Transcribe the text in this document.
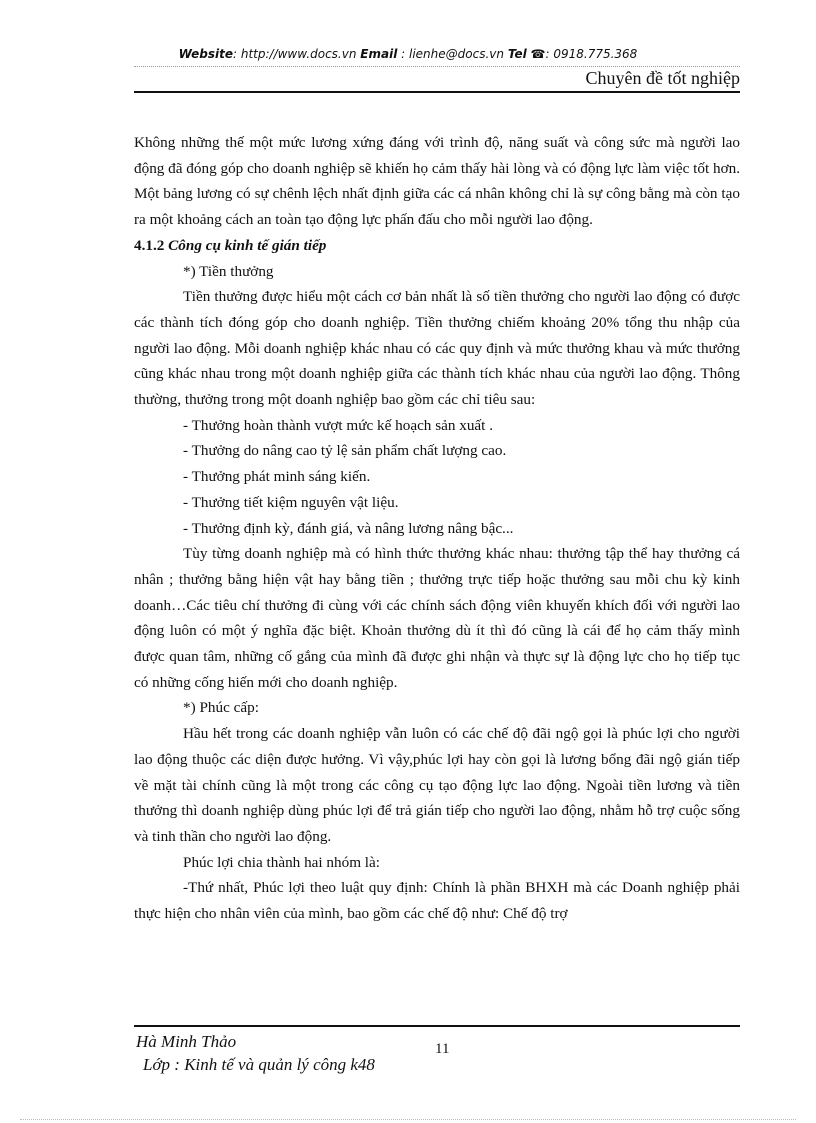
Website: http://www.docs.vn Email : lienhe@docs.vn Tel ☎: 0918.775.368
Chuyên đề tốt nghiệp

Không những thế một mức lương xứng đáng với trình độ, năng suất và công sức mà người lao động đã đóng góp cho doanh nghiệp sẽ khiến họ cảm thấy hài lòng và có động lực làm việc tốt hơn. Một bảng lương có sự chênh lệch nhất định giữa các cá nhân không chỉ là sự công bằng mà còn tạo ra một khoảng cách an toàn tạo động lực phấn đấu cho mỗi người lao động.

4.1.2 Công cụ kinh tế gián tiếp

*) Tiền thưởng

Tiền thưởng được hiểu một cách cơ bản nhất là số tiền thưởng cho người lao động có được các thành tích đóng góp cho doanh nghiệp. Tiền thưởng chiếm khoảng 20% tổng thu nhập của người lao động. Mỗi doanh nghiệp khác nhau có các quy định và mức thưởng khau và mức thưởng cũng khác nhau trong một doanh nghiệp giữa các thành tích khác nhau của người lao động. Thông thường, thưởng trong một doanh nghiệp bao gồm các chỉ tiêu sau:

- Thưởng hoàn thành vượt mức kế hoạch sản xuất .

- Thưởng do nâng cao tỷ lệ sản phẩm chất lượng cao.

- Thưởng phát minh sáng kiến.

- Thưởng tiết kiệm nguyên vật liệu.

- Thưởng định kỳ, đánh giá, và nâng lương nâng bậc...

Tùy từng doanh nghiệp mà có hình thức thưởng khác nhau: thưởng tập thể hay thưởng cá nhân ; thưởng bằng hiện vật hay bằng tiền ; thưởng trực tiếp hoặc thưởng sau mỗi chu kỳ kinh doanh…Các tiêu chí thưởng đi cùng với các chính sách động viên khuyến khích đối với người lao động luôn có một ý nghĩa đặc biệt. Khoản thưởng dù ít thì đó cũng là cái để họ cảm thấy mình được quan tâm, những cố gắng của mình đã được ghi nhận và thực sự là động lực cho họ tiếp tục có những cống hiến mới cho doanh nghiệp.

*) Phúc cấp:

Hầu hết trong các doanh nghiệp vẫn luôn có các chế độ đãi ngộ gọi là phúc lợi cho người lao động thuộc các diện được hưởng. Vì vậy,phúc lợi hay còn gọi là lương bổng đãi ngộ gián tiếp về mặt tài chính cũng là một trong các công cụ tạo động lực lao động. Ngoài tiền lương và tiền thưởng thì doanh nghiệp dùng phúc lợi để trả gián tiếp cho người lao động, nhằm hỗ trợ cuộc sống và tinh thần cho người lao động.

Phúc lợi chia thành hai nhóm là:

-Thứ nhất, Phúc lợi theo luật quy định: Chính là phần BHXH mà các Doanh nghiệp phải thực hiện cho nhân viên của mình, bao gồm các chế độ như: Chế độ trợ

Hà Minh Thảo
Lớp : Kinh tế và quản lý công k48
11
